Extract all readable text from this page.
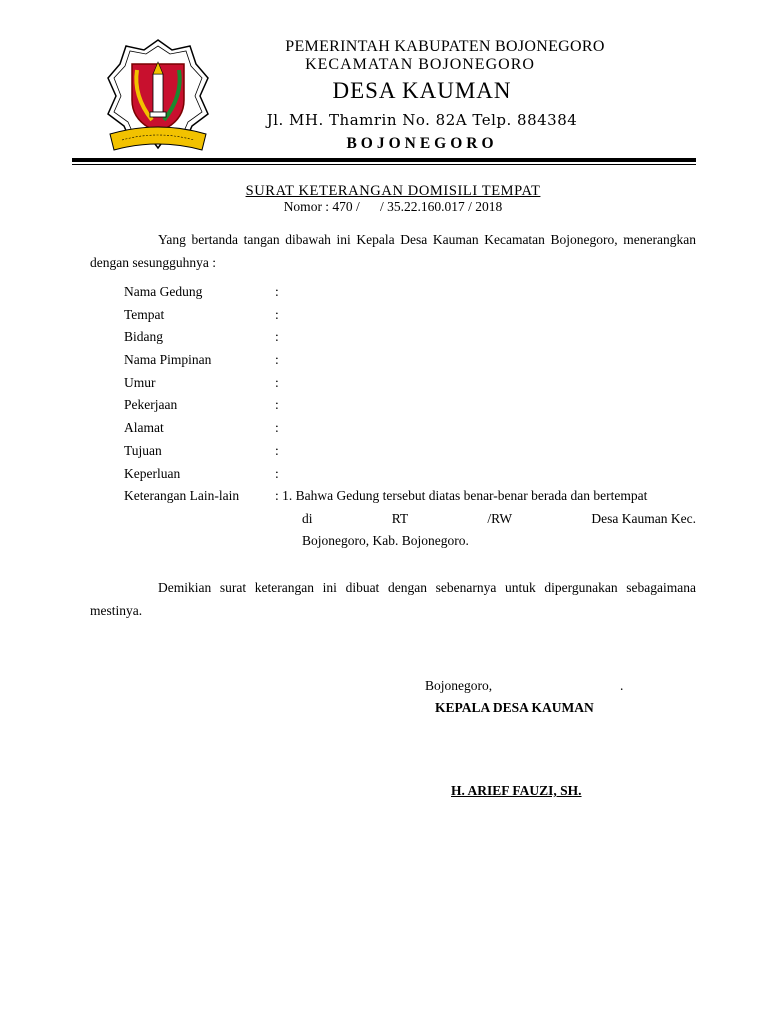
PEMERINTAH KABUPATEN BOJONEGORO
KECAMATAN BOJONEGORO
DESA KAUMAN
Jl. MH. Thamrin No. 82A Telp. 884384
BOJONEGORO
SURAT KETERANGAN DOMISILI TEMPAT
Nomor : 470 /      / 35.22.160.017 / 2018
Yang bertanda tangan dibawah ini Kepala Desa Kauman Kecamatan Bojonegoro, menerangkan dengan sesungguhnya :
Nama Gedung	:
Tempat	:
Bidang	:
Nama Pimpinan	:
Umur	:
Pekerjaan	:
Alamat	:
Tujuan	:
Keperluan	:
Keterangan Lain-lain	: 1. Bahwa Gedung tersebut diatas benar-benar berada dan bertempat
di	RT	/RW	Desa Kauman Kec.
Bojonegoro, Kab. Bojonegoro.
Demikian surat keterangan ini dibuat dengan sebenarnya untuk dipergunakan sebagaimana mestinya.
Bojonegoro,	.
KEPALA DESA KAUMAN
H. ARIEF FAUZI, SH.
